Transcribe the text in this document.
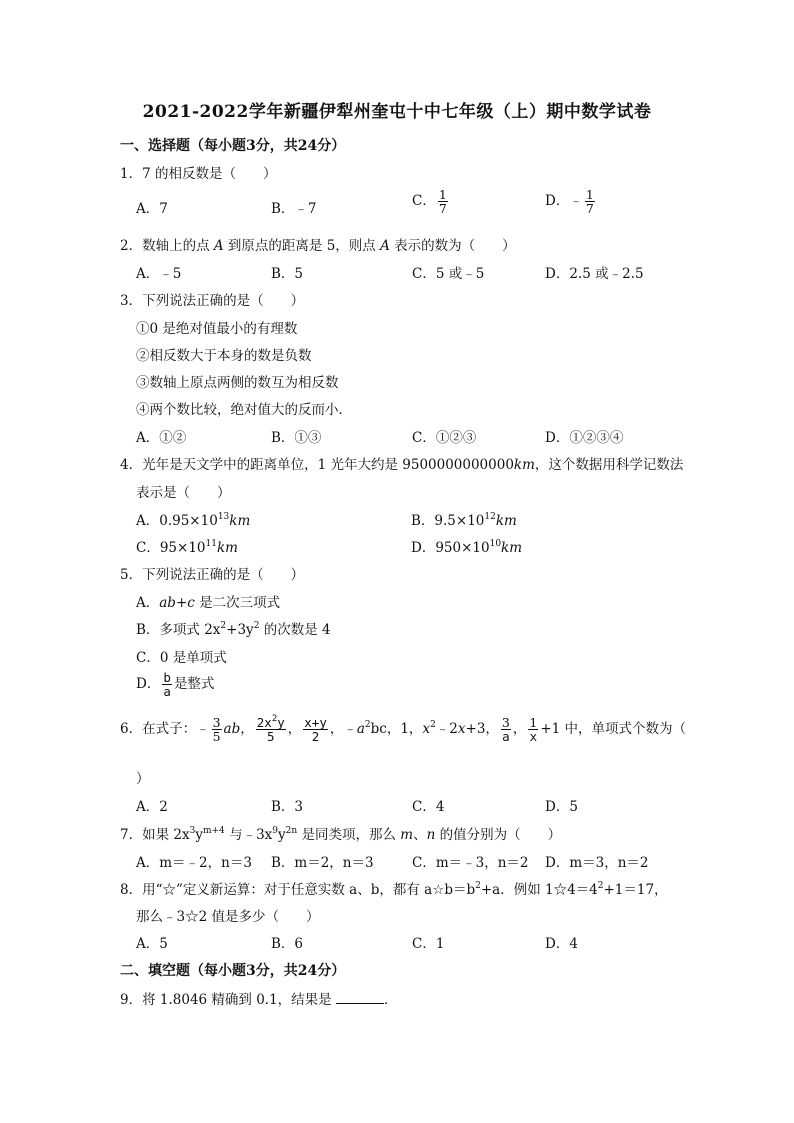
2021-2022学年新疆伊犁州奎屯十中七年级（上）期中数学试卷
一、选择题（每小题3分，共24分）
1．7 的相反数是（　　）
A．7	B．﹣7	C． $\frac{1}{7}$	D．﹣ $\frac{1}{7}$
2．数轴上的点 A 到原点的距离是 5，则点 A 表示的数为（　　）
A．﹣5	B．5	C．5 或﹣5	D．2.5 或﹣2.5
3．下列说法正确的是（　　）
①0 是绝对值最小的有理数
②相反数大于本身的数是负数
③数轴上原点两侧的数互为相反数
④两个数比较，绝对值大的反而小．
A．①②	B．①③	C．①②③	D．①②③④
4．光年是天文学中的距离单位，1 光年大约是 9500000000000km，这个数据用科学记数法
表示是（　　）
A．$0.95\times 10^{13}km$	B．$9.5\times 10^{12}km$
C．$95\times 10^{11}km$	D．$950\times 10^{10}km$
5．下列说法正确的是（　　）
A．ab+c 是二次三项式
B．多项式 $2x^2+3y^2$ 的次数是 4
C．0 是单项式
D． $\frac{b}{a}$ 是整式
6．在式子：﹣ $\frac{3}{5}$ ab， $\frac{2x^2y}{5}$ ， $\frac{x+y}{2}$ ，$﹣a^2bc$，1，$x^2﹣2x+3$， $\frac{3}{a}$ ， $\frac{1}{x} +1$ 中，单项式个数为（
）
A．2	B．3	C．4	D．5
7．如果 $2x^3y^{m+4}$ 与$﹣3x^9y^{2n}$ 是同类项，那么 m、n 的值分别为（　　）
A．m＝﹣2，n＝3 B．m＝2，n＝3	C．m＝﹣3，n＝2 D．m＝3，n＝2
8．用“☆”定义新运算：对于任意实数 a、b，都有 $a☆b=b^2+a$．例如 $1☆4=4^2+1=17$，
那么﹣3☆2 值是多少（　　）
A．5	B．6	C．1	D．4
二、填空题（每小题3分，共24分）
9．将 1.8046 精确到 0.1，结果是	．
